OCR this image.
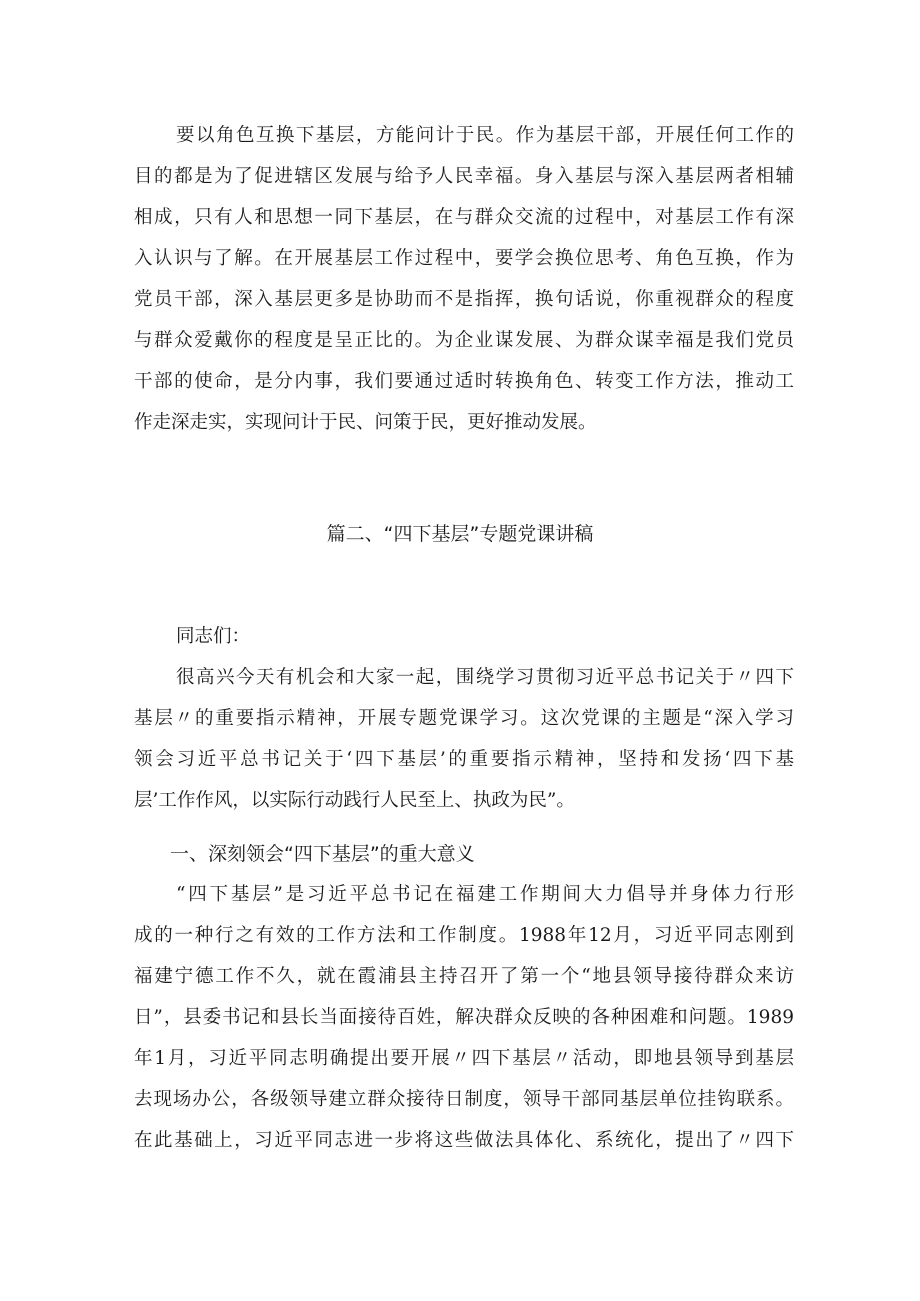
要以角色互换下基层，方能问计于民。作为基层干部，开展任何工作的
目的都是为了促进辖区发展与给予人民幸福。身入基层与深入基层两者相辅
相成，只有人和思想一同下基层，在与群众交流的过程中，对基层工作有深
入认识与了解。在开展基层工作过程中，要学会换位思考、角色互换，作为
党员干部，深入基层更多是协助而不是指挥，换句话说，你重视群众的程度
与群众爱戴你的程度是呈正比的。为企业谋发展、为群众谋幸福是我们党员
干部的使命，是分内事，我们要通过适时转换角色、转变工作方法，推动工
作走深走实，实现问计于民、问策于民，更好推动发展。
篇二、“四下基层”专题党课讲稿
同志们：
很高兴今天有机会和大家一起，围绕学习贯彻习近平总书记关于〃四下
基层〃的重要指示精神，开展专题党课学习。这次党课的主题是“深入学习
领会习近平总书记关于‘四下基层’的重要指示精神，坚持和发扬‘四下基
层’工作作风，以实际行动践行人民至上、执政为民”。
一、深刻领会“四下基层”的重大意义
“四下基层”是习近平总书记在福建工作期间大力倡导并身体力行形
成的一种行之有效的工作方法和工作制度。1988年12月，习近平同志刚到
福建宁德工作不久，就在霞浦县主持召开了第一个“地县领导接待群众来访
日”，县委书记和县长当面接待百姓，解决群众反映的各种困难和问题。1989
年1月，习近平同志明确提出要开展〃四下基层〃活动，即地县领导到基层
去现场办公，各级领导建立群众接待日制度，领导干部同基层单位挂钩联系。
在此基础上，习近平同志进一步将这些做法具体化、系统化，提出了〃四下
